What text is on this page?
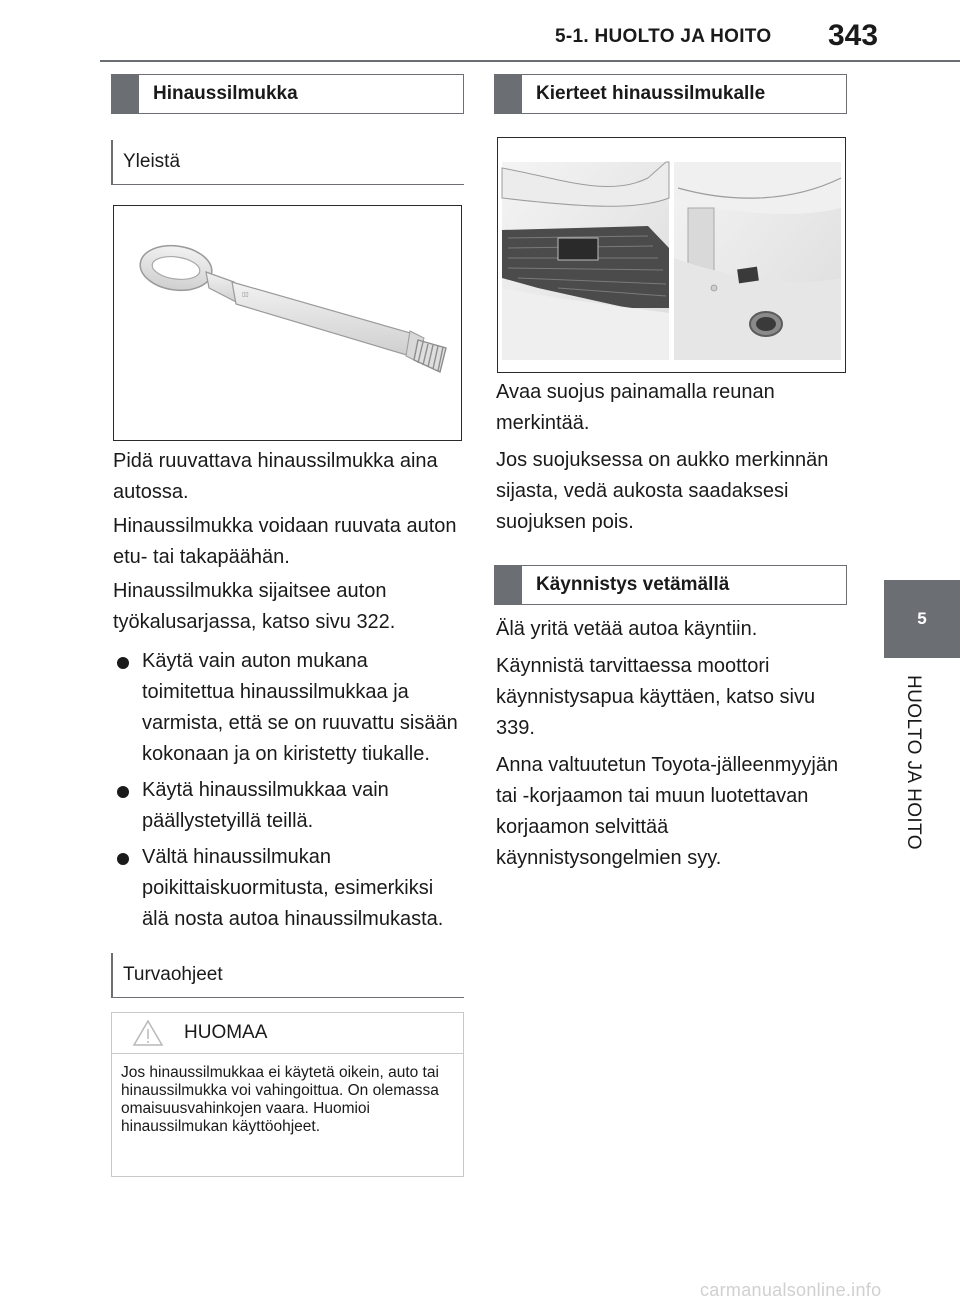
5-1. HUOLTO JA HOITO 343
5
HUOLTO JA HOITO
Hinaussilmukka
Yleistä
▯▯

Pidä ruuvattava hinaussilmukka aina autossa.

Hinaussilmukka voidaan ruuvata auton etu- tai takapäähän.

Hinaussilmukka sijaitsee auton työkalusarjassa, katso sivu 322.

Käytä vain auton mukana toimitettua hinaussilmukkaa ja varmista, että se on ruuvattu sisään kokonaan ja on kiristetty tiukalle.

Käytä hinaussilmukkaa vain päällystetyillä teillä.

Vältä hinaussilmukan poikittaiskuormitusta, esimerkiksi älä nosta autoa hinaussilmukasta.

Turvaohjeet
HUOMAA
Jos hinaussilmukkaa ei käytetä oikein, auto tai hinaussilmukka voi vahingoittua. On olemassa omaisuusvahinkojen vaara. Huomioi hinaussilmukan käyttöohjeet.
Kierteet hinaussilmukalle

Avaa suojus painamalla reunan merkintää.

Jos suojuksessa on aukko merkinnän sijasta, vedä aukosta saadaksesi suojuksen pois.

Käynnistys vetämällä

Älä yritä vetää autoa käyntiin.

Käynnistä tarvittaessa moottori käynnistysapua käyttäen, katso sivu 339.

Anna valtuutetun Toyota-jälleenmyyjän tai -korjaamon tai muun luotettavan korjaamon selvittää käynnistysongelmien syy.

carmanualsonline.info
